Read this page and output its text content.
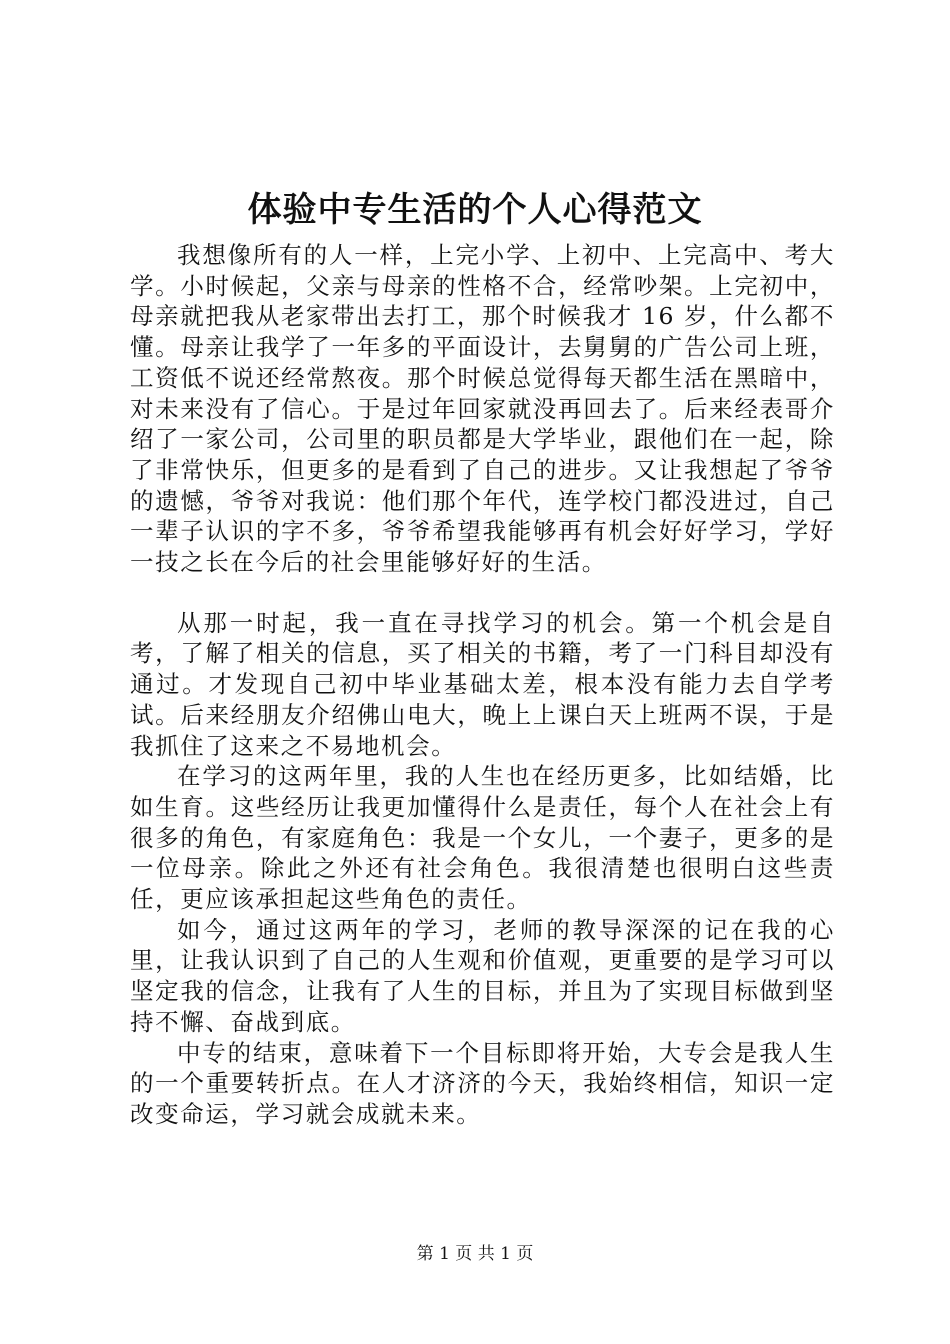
体验中专生活的个人心得范文

我想像所有的人一样，上完小学、上初中、上完高中、考大学。小时候起，父亲与母亲的性格不合，经常吵架。上完初中，母亲就把我从老家带出去打工，那个时候我才 16 岁，什么都不懂。母亲让我学了一年多的平面设计，去舅舅的广告公司上班，工资低不说还经常熬夜。那个时候总觉得每天都生活在黑暗中，对未来没有了信心。于是过年回家就没再回去了。后来经表哥介绍了一家公司，公司里的职员都是大学毕业，跟他们在一起，除了非常快乐，但更多的是看到了自己的进步。又让我想起了爷爷的遗憾，爷爷对我说：他们那个年代，连学校门都没进过，自己一辈子认识的字不多，爷爷希望我能够再有机会好好学习，学好一技之长在今后的社会里能够好好的生活。

从那一时起，我一直在寻找学习的机会。第一个机会是自考，了解了相关的信息，买了相关的书籍，考了一门科目却没有通过。才发现自己初中毕业基础太差，根本没有能力去自学考试。后来经朋友介绍佛山电大，晚上上课白天上班两不误，于是我抓住了这来之不易地机会。

在学习的这两年里，我的人生也在经历更多，比如结婚，比如生育。这些经历让我更加懂得什么是责任，每个人在社会上有很多的角色，有家庭角色：我是一个女儿，一个妻子，更多的是一位母亲。除此之外还有社会角色。我很清楚也很明白这些责任，更应该承担起这些角色的责任。

如今，通过这两年的学习，老师的教导深深的记在我的心里，让我认识到了自己的人生观和价值观，更重要的是学习可以坚定我的信念，让我有了人生的目标，并且为了实现目标做到坚持不懈、奋战到底。

中专的结束，意味着下一个目标即将开始，大专会是我人生的一个重要转折点。在人才济济的今天，我始终相信，知识一定改变命运，学习就会成就未来。

第 1 页 共 1 页
